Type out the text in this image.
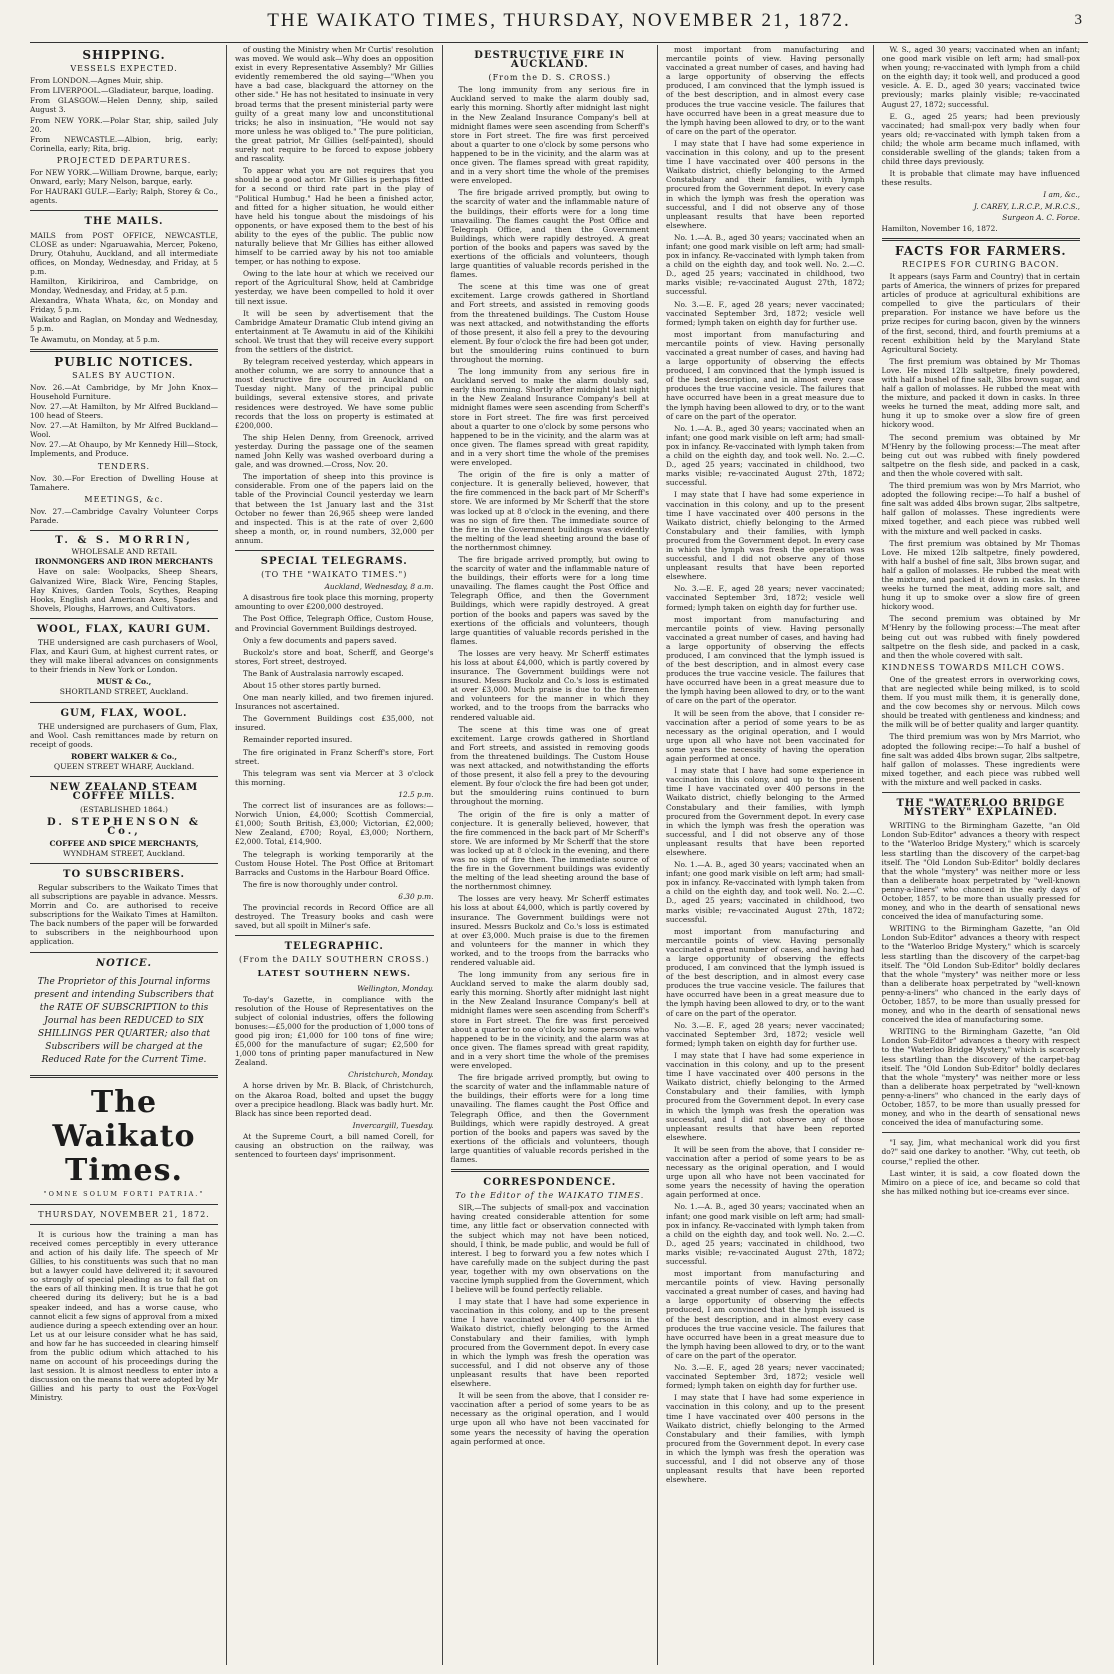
THE WAIKATO TIMES, THURSDAY, NOVEMBER 21, 1872.	3
SHIPPING.
VESSELS EXPECTED.
From LONDON.—Agnes Muir, ship.
From LIVERPOOL.—Gladiateur, barque, loading.
From GLASGOW.—Helen Denny, ship, sailed August 3.
From NEW YORK.—Polar Star, ship, sailed July 20.
From NEWCASTLE.—Albion, brig, early; Corinella, early; Rita, brig.
PROJECTED DEPARTURES.
For NEW YORK.—William Drowne, barque, early; Onward, early; Mary Nelson, barque, early.
For HAURAKI GULF.—Early; Ralph, Storey & Co., agents.
THE MAILS.
MAILS from POST OFFICE, NEWCASTLE, CLOSE as under: Ngaruawahia, Mercer, Pokeno, Drury, Otahuhu, Auckland, and all intermediate offices, on Monday, Wednesday, and Friday, at 5 p.m.
Hamilton, Kirikiriroa, and Cambridge, on Monday, Wednesday, and Friday, at 5 p.m.
Alexandra, Whata Whata, &c, on Monday and Friday, 5 p.m.
Waikato and Raglan, on Monday and Wednesday, 5 p.m.
Te Awamutu, on Monday, at 5 p.m.
PUBLIC NOTICES.
SALES BY AUCTION.
Nov. 26.—At Cambridge, by Mr John Knox—Household Furniture.
Nov. 27.—At Hamilton, by Mr Alfred Buckland—100 head of Steers.
Nov. 27.—At Hamilton, by Mr Alfred Buckland—Wool.
Nov. 27.—At Ohaupo, by Mr Kennedy Hill—Stock, Implements, and Produce.
TENDERS.
Nov. 30.—For Erection of Dwelling House at Tamahere.
MEETINGS, &c.
Nov. 27.—Cambridge Cavalry Volunteer Corps Parade.
T. & S. MORRIN,
WHOLESALE AND RETAIL
IRONMONGERS AND IRON MERCHANTS

Have on sale: Woolpacks, Sheep Shears, Galvanized Wire, Black Wire, Fencing Staples, Hay Knives, Garden Tools, Scythes, Reaping Hooks, English and American Axes, Spades and Shovels, Ploughs, Harrows, and Cultivators.

WOOL, FLAX, KAURI GUM.

THE undersigned are cash purchasers of Wool, Flax, and Kauri Gum, at highest current rates, or they will make liberal advances on consignments to their friends in New York or London.

MUST & Co.,
SHORTLAND STREET, Auckland.
GUM, FLAX, WOOL.

THE undersigned are purchasers of Gum, Flax, and Wool. Cash remittances made by return on receipt of goods.

ROBERT WALKER & Co.,
QUEEN STREET WHARF, Auckland.
NEW ZEALAND STEAM COFFEE MILLS.
(ESTABLISHED 1864.)
D. STEPHENSON & Co.,
COFFEE AND SPICE MERCHANTS,
WYNDHAM STREET, Auckland.
TO SUBSCRIBERS.

Regular subscribers to the Waikato Times that all subscriptions are payable in advance. Messrs. Morrin and Co. are authorised to receive subscriptions for the Waikato Times at Hamilton. The back numbers of the paper will be forwarded to subscribers in the neighbourhood upon application.

NOTICE.
The Proprietor of this Journal informs present and intending Subscribers that the RATE OF SUBSCRIPTION to this Journal has been REDUCED to SIX SHILLINGS PER QUARTER; also that Subscribers will be charged at the Reduced Rate for the Current Time.
The Waikato Times.
"OMNE SOLUM FORTI PATRIA."
THURSDAY, NOVEMBER 21, 1872.

It is curious how the training a man has received comes perceptibly in every utterance and action of his daily life. The speech of Mr Gillies, to his constituents was such that no man but a lawyer could have delivered it; it savoured so strongly of special pleading as to fall flat on the ears of all thinking men. It is true that he got cheered during its delivery; but he is a bad speaker indeed, and has a worse cause, who cannot elicit a few signs of approval from a mixed audience during a speech extending over an hour. Let us at our leisure consider what he has said, and how far he has succeeded in clearing himself from the public odium which attached to his name on account of his proceedings during the last session. It is almost needless to enter into a discussion on the means that were adopted by Mr Gillies and his party to oust the Fox-Vogel Ministry.

of ousting the Ministry when Mr Curtis' resolution was moved. We would ask—Why does an opposition exist in every Representative Assembly? Mr Gillies evidently remembered the old saying—"When you have a bad case, blackguard the attorney on the other side." He has not hesitated to insinuate in very broad terms that the present ministerial party were guilty of a great many low and unconstitutional tricks; he also in insinuation, "He would not say more unless he was obliged to." The pure politician, the great patriot, Mr Gillies (self-painted), should surely not require to be forced to expose jobbery and rascality.

To appear what you are not requires that you should be a good actor. Mr Gillies is perhaps fitted for a second or third rate part in the play of "Political Humbug." Had he been a finished actor, and fitted for a higher situation, he would either have held his tongue about the misdoings of his opponents, or have exposed them to the best of his ability to the eyes of the public. The public now naturally believe that Mr Gillies has either allowed himself to be carried away by his not too amiable temper, or has nothing to expose.

Owing to the late hour at which we received our report of the Agricultural Show, held at Cambridge yesterday, we have been compelled to hold it over till next issue.

It will be seen by advertisement that the Cambridge Amateur Dramatic Club intend giving an entertainment at Te Awamutu in aid of the Kihikihi school. We trust that they will receive every support from the settlers of the district.

By telegram received yesterday, which appears in another column, we are sorry to announce that a most destructive fire occurred in Auckland on Tuesday night. Many of the principal public buildings, several extensive stores, and private residences were destroyed. We have some public records that the loss on property is estimated at £200,000.

The ship Helen Denny, from Greenock, arrived yesterday. During the passage one of the seamen named John Kelly was washed overboard during a gale, and was drowned.—Cross, Nov. 20.

The importation of sheep into this province is considerable. From one of the papers laid on the table of the Provincial Council yesterday we learn that between the 1st January last and the 31st October no fewer than 26,965 sheep were landed and inspected. This is at the rate of over 2,600 sheep a month, or, in round numbers, 32,000 per annum.

SPECIAL TELEGRAMS.
(TO THE "WAIKATO TIMES.")
Auckland, Wednesday, 8 a.m.

A disastrous fire took place this morning, property amounting to over £200,000 destroyed.

The Post Office, Telegraph Office, Custom House, and Provincial Government Buildings destroyed.

Only a few documents and papers saved.

Buckolz's store and boat, Scherff, and George's stores, Fort street, destroyed.

The Bank of Australasia narrowly escaped.

About 15 other stores partly burned.

One man nearly killed, and two firemen injured. Insurances not ascertained.

The Government Buildings cost £35,000, not insured.

Remainder reported insured.

The fire originated in Franz Scherff's store, Fort street.

This telegram was sent via Mercer at 3 o'clock this morning.

12.5 p.m.

The correct list of insurances are as follows:—Norwich Union, £4,000; Scottish Commercial, £1,000; South British, £3,000; Victorian, £2,000; New Zealand, £700; Royal, £3,000; Northern, £2,000. Total, £14,900.

The telegraph is working temporarily at the Custom House Hotel. The Post Office at Britomart Barracks and Customs in the Harbour Board Office.

The fire is now thoroughly under control.

6.30 p.m.

The provincial records in Record Office are all destroyed. The Treasury books and cash were saved, but all spoilt in Milner's safe.

TELEGRAPHIC.
(From the DAILY SOUTHERN CROSS.)
LATEST SOUTHERN NEWS.
Wellington, Monday.

To-day's Gazette, in compliance with the resolution of the House of Representatives on the subject of colonial industries, offers the following bonuses:—£5,000 for the production of 1,000 tons of good pig iron; £1,000 for 100 tons of fine wire; £5,000 for the manufacture of sugar; £2,500 for 1,000 tons of printing paper manufactured in New Zealand.

Christchurch, Monday.

A horse driven by Mr. B. Black, of Christchurch, on the Akaroa Road, bolted and upset the buggy over a precipice headlong. Black was badly hurt. Mr. Black has since been reported dead.

Invercargill, Tuesday.

At the Supreme Court, a bill named Corell, for causing an obstruction on the railway, was sentenced to fourteen days' imprisonment.

DESTRUCTIVE FIRE IN AUCKLAND.
(From the D. S. CROSS.)

The long immunity from any serious fire in Auckland served to make the alarm doubly sad, early this morning. Shortly after midnight last night in the New Zealand Insurance Company's bell at midnight flames were seen ascending from Scherff's store in Fort street. The fire was first perceived about a quarter to one o'clock by some persons who happened to be in the vicinity, and the alarm was at once given. The flames spread with great rapidity, and in a very short time the whole of the premises were enveloped.

The fire brigade arrived promptly, but owing to the scarcity of water and the inflammable nature of the buildings, their efforts were for a long time unavailing. The flames caught the Post Office and Telegraph Office, and then the Government Buildings, which were rapidly destroyed. A great portion of the books and papers was saved by the exertions of the officials and volunteers, though large quantities of valuable records perished in the flames.

The scene at this time was one of great excitement. Large crowds gathered in Shortland and Fort streets, and assisted in removing goods from the threatened buildings. The Custom House was next attacked, and notwithstanding the efforts of those present, it also fell a prey to the devouring element. By four o'clock the fire had been got under, but the smouldering ruins continued to burn throughout the morning.

The long immunity from any serious fire in Auckland served to make the alarm doubly sad, early this morning. Shortly after midnight last night in the New Zealand Insurance Company's bell at midnight flames were seen ascending from Scherff's store in Fort street. The fire was first perceived about a quarter to one o'clock by some persons who happened to be in the vicinity, and the alarm was at once given. The flames spread with great rapidity, and in a very short time the whole of the premises were enveloped.

The origin of the fire is only a matter of conjecture. It is generally believed, however, that the fire commenced in the back part of Mr Scherff's store. We are informed by Mr Scherff that the store was locked up at 8 o'clock in the evening, and there was no sign of fire then. The immediate source of the fire in the Government buildings was evidently the melting of the lead sheeting around the base of the northernmost chimney.

The fire brigade arrived promptly, but owing to the scarcity of water and the inflammable nature of the buildings, their efforts were for a long time unavailing. The flames caught the Post Office and Telegraph Office, and then the Government Buildings, which were rapidly destroyed. A great portion of the books and papers was saved by the exertions of the officials and volunteers, though large quantities of valuable records perished in the flames.

The losses are very heavy. Mr Scherff estimates his loss at about £4,000, which is partly covered by insurance. The Government buildings were not insured. Messrs Buckolz and Co.'s loss is estimated at over £3,000. Much praise is due to the firemen and volunteers for the manner in which they worked, and to the troops from the barracks who rendered valuable aid.

The scene at this time was one of great excitement. Large crowds gathered in Shortland and Fort streets, and assisted in removing goods from the threatened buildings. The Custom House was next attacked, and notwithstanding the efforts of those present, it also fell a prey to the devouring element. By four o'clock the fire had been got under, but the smouldering ruins continued to burn throughout the morning.

The origin of the fire is only a matter of conjecture. It is generally believed, however, that the fire commenced in the back part of Mr Scherff's store. We are informed by Mr Scherff that the store was locked up at 8 o'clock in the evening, and there was no sign of fire then. The immediate source of the fire in the Government buildings was evidently the melting of the lead sheeting around the base of the northernmost chimney.

The losses are very heavy. Mr Scherff estimates his loss at about £4,000, which is partly covered by insurance. The Government buildings were not insured. Messrs Buckolz and Co.'s loss is estimated at over £3,000. Much praise is due to the firemen and volunteers for the manner in which they worked, and to the troops from the barracks who rendered valuable aid.

The long immunity from any serious fire in Auckland served to make the alarm doubly sad, early this morning. Shortly after midnight last night in the New Zealand Insurance Company's bell at midnight flames were seen ascending from Scherff's store in Fort street. The fire was first perceived about a quarter to one o'clock by some persons who happened to be in the vicinity, and the alarm was at once given. The flames spread with great rapidity, and in a very short time the whole of the premises were enveloped.

The fire brigade arrived promptly, but owing to the scarcity of water and the inflammable nature of the buildings, their efforts were for a long time unavailing. The flames caught the Post Office and Telegraph Office, and then the Government Buildings, which were rapidly destroyed. A great portion of the books and papers was saved by the exertions of the officials and volunteers, though large quantities of valuable records perished in the flames.

CORRESPONDENCE.
To the Editor of the WAIKATO TIMES.

SIR,—The subjects of small-pox and vaccination having created considerable attention for some time, any little fact or observation connected with the subject which may not have been noticed, should, I think, be made public, and would be full of interest. I beg to forward you a few notes which I have carefully made on the subject during the past year, together with my own observations on the vaccine lymph supplied from the Government, which I believe will be found perfectly reliable.

I may state that I have had some experience in vaccination in this colony, and up to the present time I have vaccinated over 400 persons in the Waikato district, chiefly belonging to the Armed Constabulary and their families, with lymph procured from the Government depot. In every case in which the lymph was fresh the operation was successful, and I did not observe any of those unpleasant results that have been reported elsewhere.

It will be seen from the above, that I consider re-vaccination after a period of some years to be as necessary as the original operation, and I would urge upon all who have not been vaccinated for some years the necessity of having the operation again performed at once.

most important from manufacturing and mercantile points of view. Having personally vaccinated a great number of cases, and having had a large opportunity of observing the effects produced, I am convinced that the lymph issued is of the best description, and in almost every case produces the true vaccine vesicle. The failures that have occurred have been in a great measure due to the lymph having been allowed to dry, or to the want of care on the part of the operator.

I may state that I have had some experience in vaccination in this colony, and up to the present time I have vaccinated over 400 persons in the Waikato district, chiefly belonging to the Armed Constabulary and their families, with lymph procured from the Government depot. In every case in which the lymph was fresh the operation was successful, and I did not observe any of those unpleasant results that have been reported elsewhere.

No. 1.—A. B., aged 30 years; vaccinated when an infant; one good mark visible on left arm; had small-pox in infancy. Re-vaccinated with lymph taken from a child on the eighth day, and took well. No. 2.—C. D., aged 25 years; vaccinated in childhood, two marks visible; re-vaccinated August 27th, 1872; successful.

No. 3.—E. F., aged 28 years; never vaccinated; vaccinated September 3rd, 1872; vesicle well formed; lymph taken on eighth day for further use.

most important from manufacturing and mercantile points of view. Having personally vaccinated a great number of cases, and having had a large opportunity of observing the effects produced, I am convinced that the lymph issued is of the best description, and in almost every case produces the true vaccine vesicle. The failures that have occurred have been in a great measure due to the lymph having been allowed to dry, or to the want of care on the part of the operator.

No. 1.—A. B., aged 30 years; vaccinated when an infant; one good mark visible on left arm; had small-pox in infancy. Re-vaccinated with lymph taken from a child on the eighth day, and took well. No. 2.—C. D., aged 25 years; vaccinated in childhood, two marks visible; re-vaccinated August 27th, 1872; successful.

I may state that I have had some experience in vaccination in this colony, and up to the present time I have vaccinated over 400 persons in the Waikato district, chiefly belonging to the Armed Constabulary and their families, with lymph procured from the Government depot. In every case in which the lymph was fresh the operation was successful, and I did not observe any of those unpleasant results that have been reported elsewhere.

No. 3.—E. F., aged 28 years; never vaccinated; vaccinated September 3rd, 1872; vesicle well formed; lymph taken on eighth day for further use.

most important from manufacturing and mercantile points of view. Having personally vaccinated a great number of cases, and having had a large opportunity of observing the effects produced, I am convinced that the lymph issued is of the best description, and in almost every case produces the true vaccine vesicle. The failures that have occurred have been in a great measure due to the lymph having been allowed to dry, or to the want of care on the part of the operator.

It will be seen from the above, that I consider re-vaccination after a period of some years to be as necessary as the original operation, and I would urge upon all who have not been vaccinated for some years the necessity of having the operation again performed at once.

I may state that I have had some experience in vaccination in this colony, and up to the present time I have vaccinated over 400 persons in the Waikato district, chiefly belonging to the Armed Constabulary and their families, with lymph procured from the Government depot. In every case in which the lymph was fresh the operation was successful, and I did not observe any of those unpleasant results that have been reported elsewhere.

No. 1.—A. B., aged 30 years; vaccinated when an infant; one good mark visible on left arm; had small-pox in infancy. Re-vaccinated with lymph taken from a child on the eighth day, and took well. No. 2.—C. D., aged 25 years; vaccinated in childhood, two marks visible; re-vaccinated August 27th, 1872; successful.

most important from manufacturing and mercantile points of view. Having personally vaccinated a great number of cases, and having had a large opportunity of observing the effects produced, I am convinced that the lymph issued is of the best description, and in almost every case produces the true vaccine vesicle. The failures that have occurred have been in a great measure due to the lymph having been allowed to dry, or to the want of care on the part of the operator.

No. 3.—E. F., aged 28 years; never vaccinated; vaccinated September 3rd, 1872; vesicle well formed; lymph taken on eighth day for further use.

I may state that I have had some experience in vaccination in this colony, and up to the present time I have vaccinated over 400 persons in the Waikato district, chiefly belonging to the Armed Constabulary and their families, with lymph procured from the Government depot. In every case in which the lymph was fresh the operation was successful, and I did not observe any of those unpleasant results that have been reported elsewhere.

It will be seen from the above, that I consider re-vaccination after a period of some years to be as necessary as the original operation, and I would urge upon all who have not been vaccinated for some years the necessity of having the operation again performed at once.

No. 1.—A. B., aged 30 years; vaccinated when an infant; one good mark visible on left arm; had small-pox in infancy. Re-vaccinated with lymph taken from a child on the eighth day, and took well. No. 2.—C. D., aged 25 years; vaccinated in childhood, two marks visible; re-vaccinated August 27th, 1872; successful.

most important from manufacturing and mercantile points of view. Having personally vaccinated a great number of cases, and having had a large opportunity of observing the effects produced, I am convinced that the lymph issued is of the best description, and in almost every case produces the true vaccine vesicle. The failures that have occurred have been in a great measure due to the lymph having been allowed to dry, or to the want of care on the part of the operator.

No. 3.—E. F., aged 28 years; never vaccinated; vaccinated September 3rd, 1872; vesicle well formed; lymph taken on eighth day for further use.

I may state that I have had some experience in vaccination in this colony, and up to the present time I have vaccinated over 400 persons in the Waikato district, chiefly belonging to the Armed Constabulary and their families, with lymph procured from the Government depot. In every case in which the lymph was fresh the operation was successful, and I did not observe any of those unpleasant results that have been reported elsewhere.

W. S., aged 30 years; vaccinated when an infant; one good mark visible on left arm; had small-pox when young; re-vaccinated with lymph from a child on the eighth day; it took well, and produced a good vesicle. A. E. D., aged 30 years; vaccinated twice previously; marks plainly visible; re-vaccinated August 27, 1872; successful.

E. G., aged 25 years; had been previously vaccinated; had small-pox very badly when four years old; re-vaccinated with lymph taken from a child; the whole arm became much inflamed, with considerable swelling of the glands; taken from a child three days previously.

It is probable that climate may have influenced these results.

I am, &c.,
J. CAREY, L.R.C.P., M.R.C.S.,
Surgeon A. C. Force.
Hamilton, November 16, 1872.
FACTS FOR FARMERS.
RECIPES FOR CURING BACON.

It appears (says Farm and Country) that in certain parts of America, the winners of prizes for prepared articles of produce at agricultural exhibitions are compelled to give the particulars of their preparation. For instance we have before us the prize recipes for curing bacon, given by the winners of the first, second, third, and fourth premiums at a recent exhibition held by the Maryland State Agricultural Society.

The first premium was obtained by Mr Thomas Love. He mixed 12lb saltpetre, finely powdered, with half a bushel of fine salt, 3lbs brown sugar, and half a gallon of molasses. He rubbed the meat with the mixture, and packed it down in casks. In three weeks he turned the meat, adding more salt, and hung it up to smoke over a slow fire of green hickory wood.

The second premium was obtained by Mr M'Henry by the following process:—The meat after being cut out was rubbed with finely powdered saltpetre on the flesh side, and packed in a cask, and then the whole covered with salt.

The third premium was won by Mrs Marriot, who adopted the following recipe:—To half a bushel of fine salt was added 4lbs brown sugar, 2lbs saltpetre, half gallon of molasses. These ingredients were mixed together, and each piece was rubbed well with the mixture and well packed in casks.

The first premium was obtained by Mr Thomas Love. He mixed 12lb saltpetre, finely powdered, with half a bushel of fine salt, 3lbs brown sugar, and half a gallon of molasses. He rubbed the meat with the mixture, and packed it down in casks. In three weeks he turned the meat, adding more salt, and hung it up to smoke over a slow fire of green hickory wood.

The second premium was obtained by Mr M'Henry by the following process:—The meat after being cut out was rubbed with finely powdered saltpetre on the flesh side, and packed in a cask, and then the whole covered with salt.

KINDNESS TOWARDS MILCH COWS.

One of the greatest errors in overworking cows, that are neglected while being milked, is to scold them. If you must milk them, it is generally done, and the cow becomes shy or nervous. Milch cows should be treated with gentleness and kindness; and the milk will be of better quality and larger quantity.

The third premium was won by Mrs Marriot, who adopted the following recipe:—To half a bushel of fine salt was added 4lbs brown sugar, 2lbs saltpetre, half gallon of molasses. These ingredients were mixed together, and each piece was rubbed well with the mixture and well packed in casks.

THE "WATERLOO BRIDGE MYSTERY" EXPLAINED.

WRITING to the Birmingham Gazette, "an Old London Sub-Editor" advances a theory with respect to the "Waterloo Bridge Mystery," which is scarcely less startling than the discovery of the carpet-bag itself. The "Old London Sub-Editor" boldly declares that the whole "mystery" was neither more or less than a deliberate hoax perpetrated by "well-known penny-a-liners" who chanced in the early days of October, 1857, to be more than usually pressed for money, and who in the dearth of sensational news conceived the idea of manufacturing some.

WRITING to the Birmingham Gazette, "an Old London Sub-Editor" advances a theory with respect to the "Waterloo Bridge Mystery," which is scarcely less startling than the discovery of the carpet-bag itself. The "Old London Sub-Editor" boldly declares that the whole "mystery" was neither more or less than a deliberate hoax perpetrated by "well-known penny-a-liners" who chanced in the early days of October, 1857, to be more than usually pressed for money, and who in the dearth of sensational news conceived the idea of manufacturing some.

WRITING to the Birmingham Gazette, "an Old London Sub-Editor" advances a theory with respect to the "Waterloo Bridge Mystery," which is scarcely less startling than the discovery of the carpet-bag itself. The "Old London Sub-Editor" boldly declares that the whole "mystery" was neither more or less than a deliberate hoax perpetrated by "well-known penny-a-liners" who chanced in the early days of October, 1857, to be more than usually pressed for money, and who in the dearth of sensational news conceived the idea of manufacturing some.

"I say, Jim, what mechanical work did you first do?" said one darkey to another. "Why, cut teeth, ob course," replied the other.

Last winter, it is said, a cow floated down the Mimiro on a piece of ice, and became so cold that she has milked nothing but ice-creams ever since.
